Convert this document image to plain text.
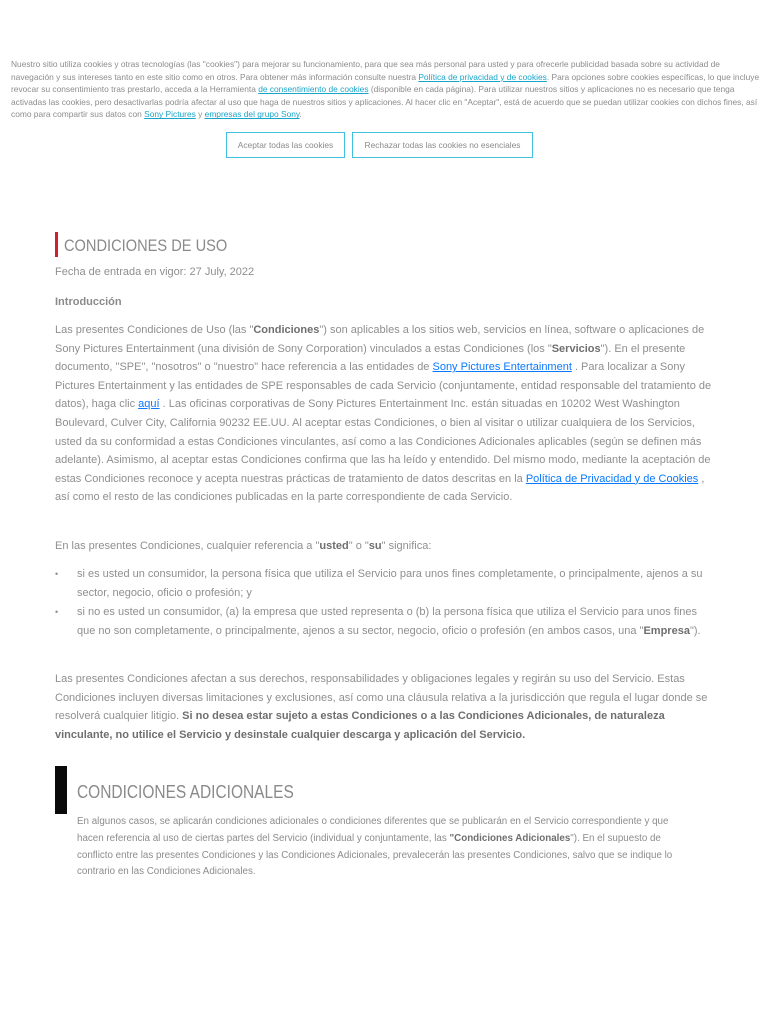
Nuestro sitio utiliza cookies y otras tecnologías (las "cookies") para mejorar su funcionamiento, para que sea más personal para usted y para ofrecerle publicidad basada sobre su actividad de navegación y sus intereses tanto en este sitio como en otros. Para obtener más información consulte nuestra Política de privacidad y de cookies. Para opciones sobre cookies específicas, lo que incluye revocar su consentimiento tras prestarlo, acceda a la Herramienta de consentimiento de cookies (disponible en cada página). Para utilizar nuestros sitios y aplicaciones no es necesario que tenga activadas las cookies, pero desactivarlas podría afectar al uso que haga de nuestros sitios y aplicaciones. Al hacer clic en "Aceptar", está de acuerdo que se puedan utilizar cookies con dichos fines, así como para compartir sus datos con Sony Pictures y empresas del grupo Sony.

Aceptar todas las cookies	Rechazar todas las cookies no esenciales
CONDICIONES DE USO

Fecha de entrada en vigor: 27 July, 2022

Introducción

Las presentes Condiciones de Uso (las "Condiciones") son aplicables a los sitios web, servicios en línea, software o aplicaciones de Sony Pictures Entertainment (una división de Sony Corporation) vinculados a estas Condiciones (los "Servicios"). En el presente documento, "SPE", "nosotros" o "nuestro" hace referencia a las entidades de Sony Pictures Entertainment . Para localizar a Sony Pictures Entertainment y las entidades de SPE responsables de cada Servicio (conjuntamente, entidad responsable del tratamiento de datos), haga clic aquí . Las oficinas corporativas de Sony Pictures Entertainment Inc. están situadas en 10202 West Washington Boulevard, Culver City, California 90232 EE.UU. Al aceptar estas Condiciones, o bien al visitar o utilizar cualquiera de los Servicios, usted da su conformidad a estas Condiciones vinculantes, así como a las Condiciones Adicionales aplicables (según se definen más adelante). Asimismo, al aceptar estas Condiciones confirma que las ha leído y entendido. Del mismo modo, mediante la aceptación de estas Condiciones reconoce y acepta nuestras prácticas de tratamiento de datos descritas en la Política de Privacidad y de Cookies , así como el resto de las condiciones publicadas en la parte correspondiente de cada Servicio.

En las presentes Condiciones, cualquier referencia a "usted" o "su" significa:

• si es usted un consumidor, la persona física que utiliza el Servicio para unos fines completamente, o principalmente, ajenos a su sector, negocio, oficio o profesión; y
• si no es usted un consumidor, (a) la empresa que usted representa o (b) la persona física que utiliza el Servicio para unos fines que no son completamente, o principalmente, ajenos a su sector, negocio, oficio o profesión (en ambos casos, una "Empresa").

Las presentes Condiciones afectan a sus derechos, responsabilidades y obligaciones legales y regirán su uso del Servicio. Estas Condiciones incluyen diversas limitaciones y exclusiones, así como una cláusula relativa a la jurisdicción que regula el lugar donde se resolverá cualquier litigio. Si no desea estar sujeto a estas Condiciones o a las Condiciones Adicionales, de naturaleza vinculante, no utilice el Servicio y desinstale cualquier descarga y aplicación del Servicio.

CONDICIONES ADICIONALES

En algunos casos, se aplicarán condiciones adicionales o condiciones diferentes que se publicarán en el Servicio correspondiente y que hacen referencia al uso de ciertas partes del Servicio (individual y conjuntamente, las "Condiciones Adicionales"). En el supuesto de conflicto entre las presentes Condiciones y las Condiciones Adicionales, prevalecerán las presentes Condiciones, salvo que se indique lo contrario en las Condiciones Adicionales.
